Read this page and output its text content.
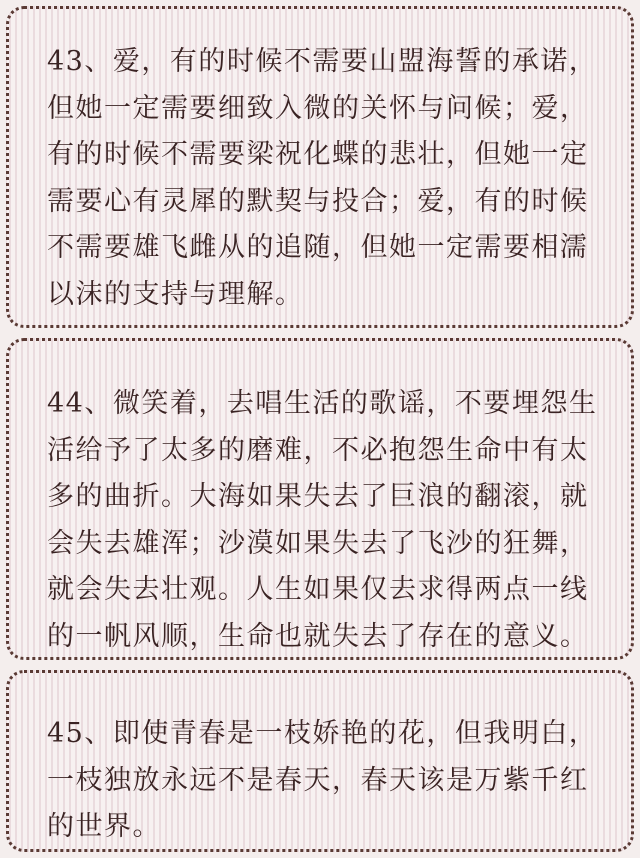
43、爱，有的时候不需要山盟海誓的承诺，
但她一定需要细致入微的关怀与问候；爱，
有的时候不需要梁祝化蝶的悲壮，但她一定
需要心有灵犀的默契与投合；爱，有的时候
不需要雄飞雌从的追随，但她一定需要相濡
以沫的支持与理解。

44、微笑着，去唱生活的歌谣，不要埋怨生
活给予了太多的磨难，不必抱怨生命中有太
多的曲折。大海如果失去了巨浪的翻滚，就
会失去雄浑；沙漠如果失去了飞沙的狂舞，
就会失去壮观。人生如果仅去求得两点一线
的一帆风顺，生命也就失去了存在的意义。

45、即使青春是一枝娇艳的花，但我明白，
一枝独放永远不是春天，春天该是万紫千红
的世界。
